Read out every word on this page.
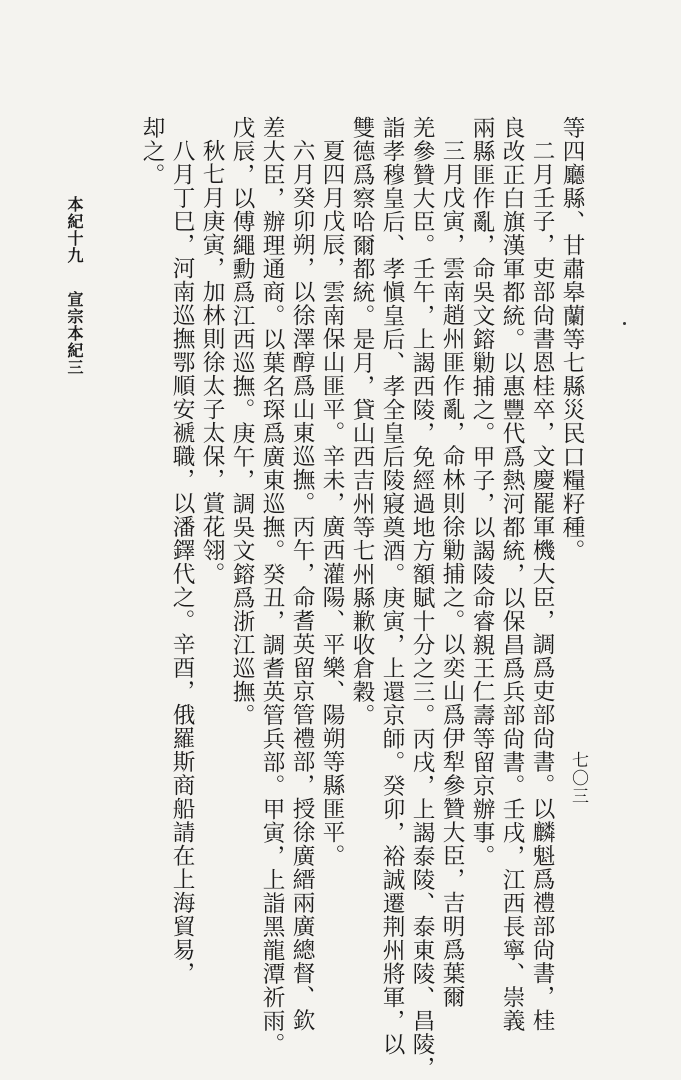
等四廳縣、甘肅皋蘭等七縣災民口糧籽種。
二月壬子，吏部尙書恩桂卒，文慶罷軍機大臣，調爲吏部尙書。以麟魁爲禮部尙書，桂
良改正白旗漢軍都統。以惠豐代爲熱河都統，以保昌爲兵部尙書。壬戌，江西長寧、崇義
兩縣匪作亂，命吳文鎔勦捕之。甲子，以謁陵命睿親王仁壽等留京辦事。
三月戊寅，雲南趙州匪作亂，命林則徐勦捕之。以奕山爲伊犁參贊大臣，吉明爲葉爾
羌參贊大臣。壬午，上謁西陵，免經過地方額賦十分之三。丙戌，上謁泰陵、泰東陵、昌陵，
詣孝穆皇后、孝愼皇后、孝全皇后陵寢奠酒。庚寅，上還京師。癸卯，裕誠遷荆州將軍，以
雙德爲察哈爾都統。是月，貸山西吉州等七州縣歉收倉穀。
夏四月戊辰，雲南保山匪平。辛未，廣西灌陽、平樂、陽朔等縣匪平。
六月癸卯朔，以徐澤醇爲山東巡撫。丙午，命耆英留京管禮部，授徐廣縉兩廣總督、欽
差大臣，辦理通商。以葉名琛爲廣東巡撫。癸丑，調耆英管兵部。甲寅，上詣黑龍潭祈雨。
戊辰，以傅繩勳爲江西巡撫。庚午，調吳文鎔爲浙江巡撫。
秋七月庚寅，加林則徐太子太保，賞花翎。
八月丁巳，河南巡撫鄂順安褫職，以潘鐸代之。辛酉，俄羅斯商船請在上海貿易，
却之。
本紀十九
宣宗本紀三
七〇三
